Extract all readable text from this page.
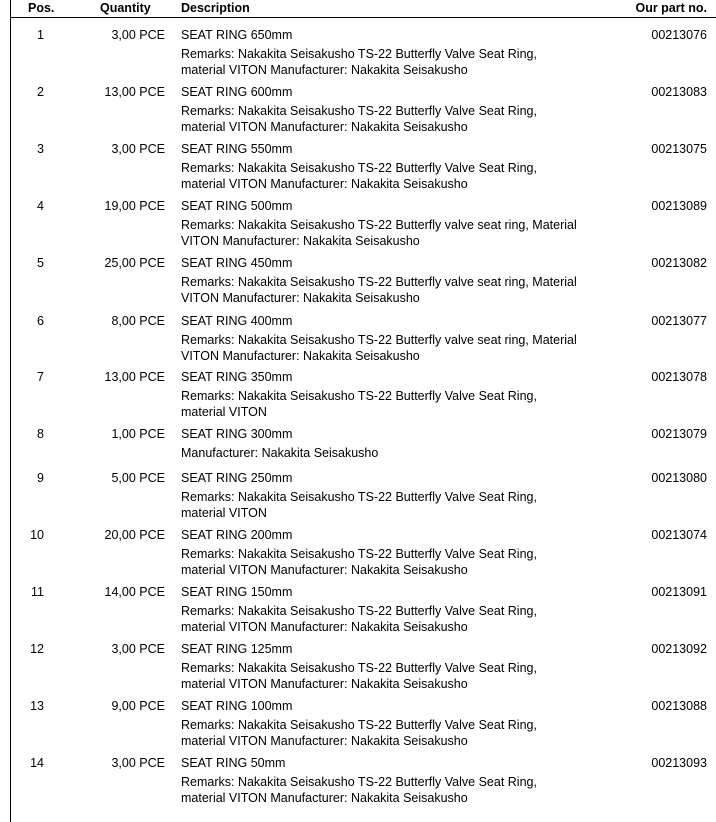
Pos.	Quantity Description	Our part no.
1	3,00 PCE SEAT RING 650mm	00213076
Remarks: Nakakita Seisakusho TS-22 Butterfly Valve Seat Ring, material VITON Manufacturer: Nakakita Seisakusho
2	13,00 PCE SEAT RING 600mm	00213083
Remarks: Nakakita Seisakusho TS-22 Butterfly Valve Seat Ring, material VITON Manufacturer: Nakakita Seisakusho
3	3,00 PCE SEAT RING 550mm	00213075
Remarks: Nakakita Seisakusho TS-22 Butterfly Valve Seat Ring, material VITON Manufacturer: Nakakita Seisakusho
4	19,00 PCE SEAT RING 500mm	00213089
Remarks: Nakakita Seisakusho TS-22 Butterfly valve seat ring, Material VITON Manufacturer: Nakakita Seisakusho
5	25,00 PCE SEAT RING 450mm	00213082
Remarks: Nakakita Seisakusho TS-22 Butterfly valve seat ring, Material VITON Manufacturer: Nakakita Seisakusho
6	8,00 PCE SEAT RING 400mm	00213077
Remarks: Nakakita Seisakusho TS-22 Butterfly valve seat ring, Material VITON Manufacturer: Nakakita Seisakusho
7	13,00 PCE SEAT RING 350mm	00213078
Remarks: Nakakita Seisakusho TS-22 Butterfly Valve Seat Ring, material VITON
8	1,00 PCE SEAT RING 300mm	00213079
Manufacturer: Nakakita Seisakusho
9	5,00 PCE SEAT RING 250mm	00213080
Remarks: Nakakita Seisakusho TS-22 Butterfly Valve Seat Ring, material VITON
10	20,00 PCE SEAT RING 200mm	00213074
Remarks: Nakakita Seisakusho TS-22 Butterfly Valve Seat Ring, material VITON Manufacturer: Nakakita Seisakusho
11	14,00 PCE SEAT RING 150mm	00213091
Remarks: Nakakita Seisakusho TS-22 Butterfly Valve Seat Ring, material VITON Manufacturer: Nakakita Seisakusho
12	3,00 PCE SEAT RING 125mm	00213092
Remarks: Nakakita Seisakusho TS-22 Butterfly Valve Seat Ring, material VITON Manufacturer: Nakakita Seisakusho
13	9,00 PCE SEAT RING 100mm	00213088
Remarks: Nakakita Seisakusho TS-22 Butterfly Valve Seat Ring, material VITON Manufacturer: Nakakita Seisakusho
14	3,00 PCE SEAT RING 50mm	00213093
Remarks: Nakakita Seisakusho TS-22 Butterfly Valve Seat Ring, material VITON Manufacturer: Nakakita Seisakusho
